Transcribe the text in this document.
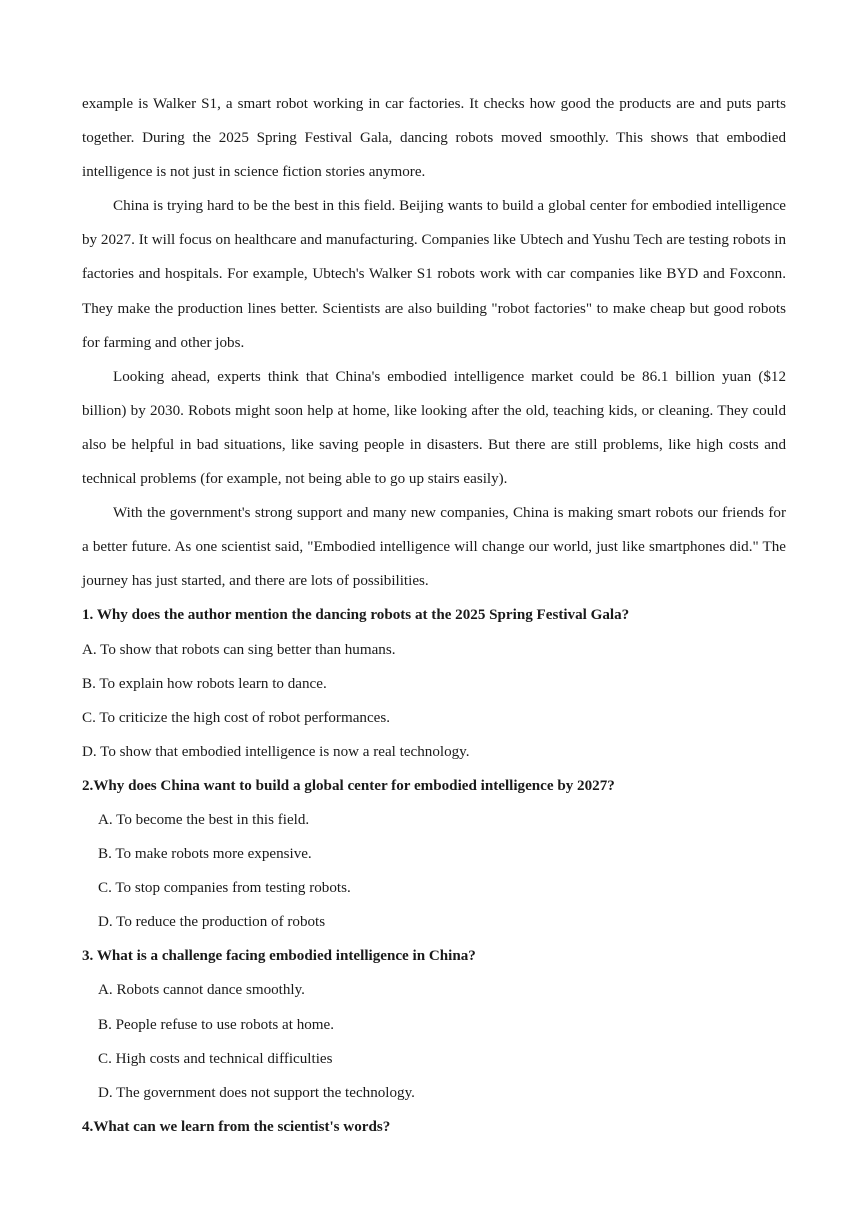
example is Walker S1, a smart robot working in car factories. It checks how good the products are and puts parts together. During the 2025 Spring Festival Gala, dancing robots moved smoothly. This shows that embodied intelligence is not just in science fiction stories anymore.

China is trying hard to be the best in this field. Beijing wants to build a global center for embodied intelligence by 2027. It will focus on healthcare and manufacturing. Companies like Ubtech and Yushu Tech are testing robots in factories and hospitals. For example, Ubtech's Walker S1 robots work with car companies like BYD and Foxconn. They make the production lines better. Scientists are also building "robot factories" to make cheap but good robots for farming and other jobs.

Looking ahead, experts think that China's embodied intelligence market could be 86.1 billion yuan ($12 billion) by 2030. Robots might soon help at home, like looking after the old, teaching kids, or cleaning. They could also be helpful in bad situations, like saving people in disasters. But there are still problems, like high costs and technical problems (for example, not being able to go up stairs easily).

With the government's strong support and many new companies, China is making smart robots our friends for a better future. As one scientist said, "Embodied intelligence will change our world, just like smartphones did." The journey has just started, and there are lots of possibilities.

1. Why does the author mention the dancing robots at the 2025 Spring Festival Gala?

A. To show that robots can sing better than humans.

B. To explain how robots learn to dance.

C. To criticize the high cost of robot performances.

D. To show that embodied intelligence is now a real technology.

2.Why does China want to build a global center for embodied intelligence by 2027?

A. To become the best in this field.

B. To make robots more expensive.

C. To stop companies from testing robots.

D. To reduce the production of robots

3. What is a challenge facing embodied intelligence in China?

A. Robots cannot dance smoothly.

B. People refuse to use robots at home.

C. High costs and technical difficulties

D. The government does not support the technology.

4.What can we learn from the scientist's words?
